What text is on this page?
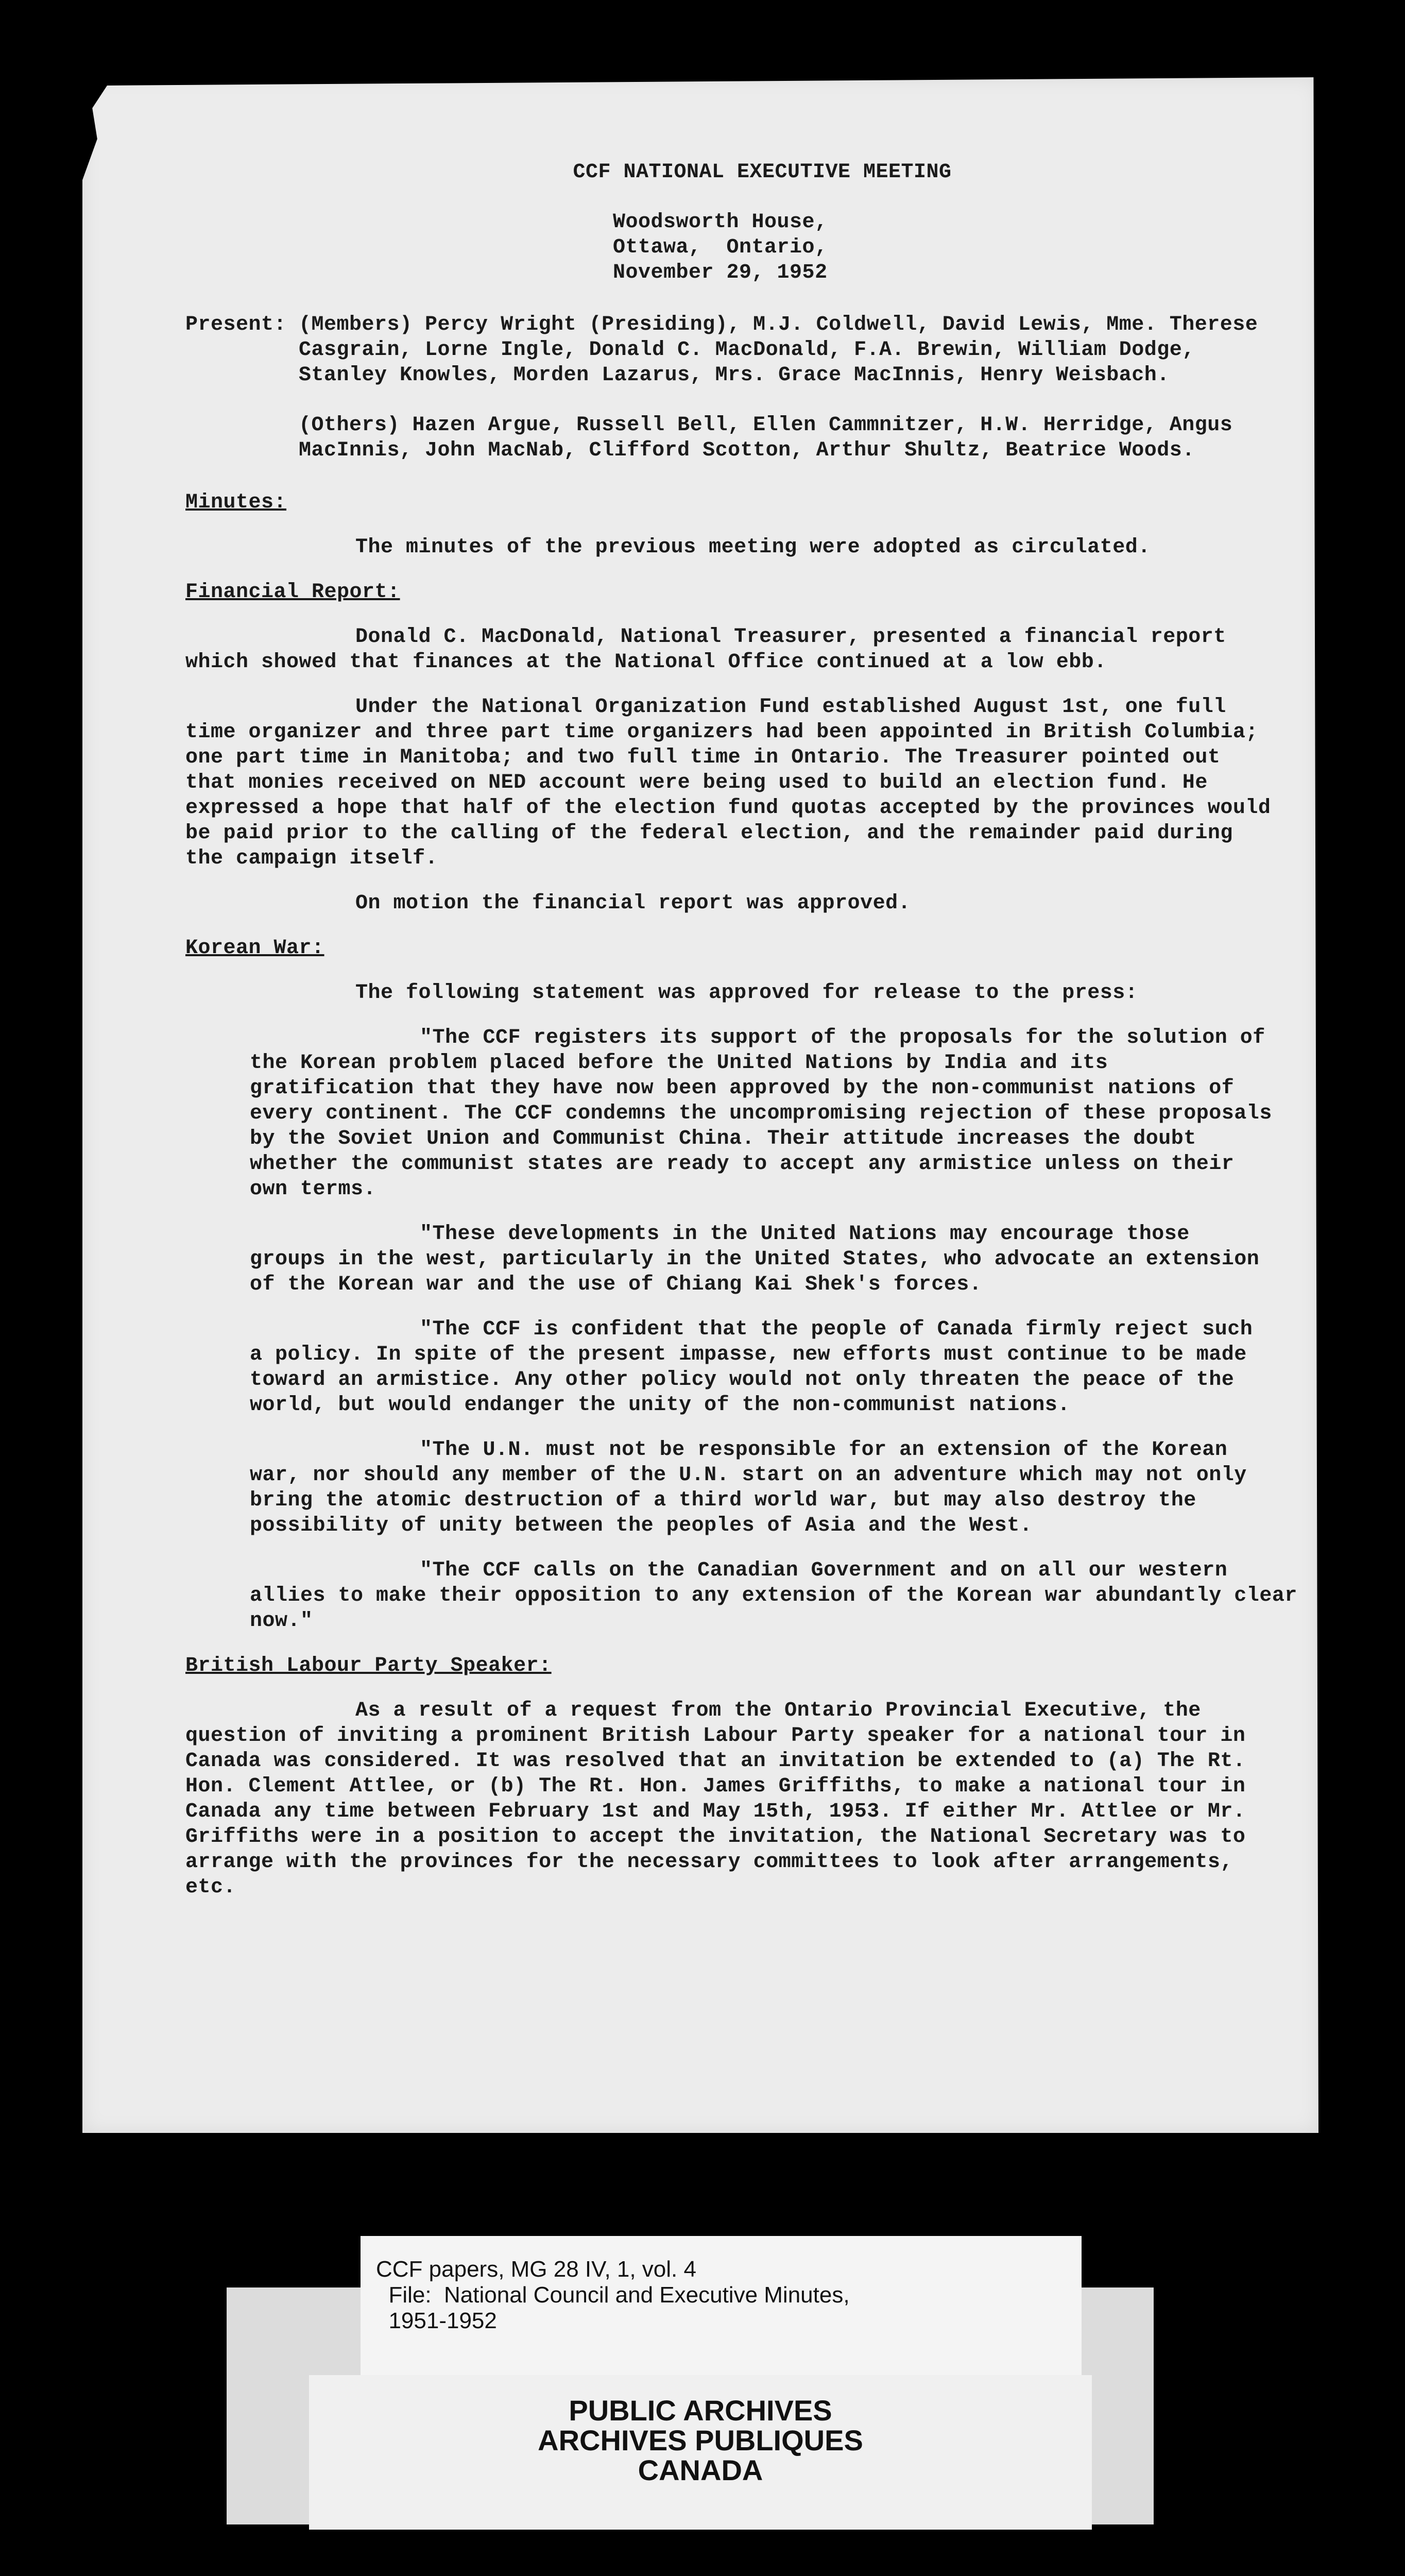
CCF NATIONAL EXECUTIVE MEETING
Woodsworth House,
Ottawa,  Ontario,
November 29, 1952
Present: (Members) Percy Wright (Presiding), M.J. Coldwell, David Lewis, Mme. Therese Casgrain, Lorne Ingle, Donald C. MacDonald, F.A. Brewin, William Dodge, Stanley Knowles, Morden Lazarus, Mrs. Grace MacInnis, Henry Weisbach.
(Others) Hazen Argue, Russell Bell, Ellen Cammnitzer, H.W. Herridge, Angus MacInnis, John MacNab, Clifford Scotton, Arthur Shultz, Beatrice Woods.
Minutes:

The minutes of the previous meeting were adopted as circulated.

Financial Report:

Donald C. MacDonald, National Treasurer, presented a financial report which showed that finances at the National Office continued at a low ebb.

Under the National Organization Fund established August 1st, one full time organizer and three part time organizers had been appointed in British Columbia; one part time in Manitoba; and two full time in Ontario. The Treasurer pointed out that monies received on NED account were being used to build an election fund. He expressed a hope that half of the election fund quotas accepted by the provinces would be paid prior to the calling of the federal election, and the remainder paid during the campaign itself.

On motion the financial report was approved.

Korean War:

The following statement was approved for release to the press:

"The CCF registers its support of the proposals for the solution of the Korean problem placed before the United Nations by India and its gratification that they have now been approved by the non-communist nations of every continent. The CCF condemns the uncompromising rejection of these proposals by the Soviet Union and Communist China. Their attitude increases the doubt whether the communist states are ready to accept any armistice unless on their own terms.

"These developments in the United Nations may encourage those groups in the west, particularly in the United States, who advocate an extension of the Korean war and the use of Chiang Kai Shek's forces.

"The CCF is confident that the people of Canada firmly reject such a policy. In spite of the present impasse, new efforts must continue to be made toward an armistice. Any other policy would not only threaten the peace of the world, but would endanger the unity of the non-communist nations.

"The U.N. must not be responsible for an extension of the Korean war, nor should any member of the U.N. start on an adventure which may not only bring the atomic destruction of a third world war, but may also destroy the possibility of unity between the peoples of Asia and the West.

"The CCF calls on the Canadian Government and on all our western allies to make their opposition to any extension of the Korean war abundantly clear now."

British Labour Party Speaker:

As a result of a request from the Ontario Provincial Executive, the question of inviting a prominent British Labour Party speaker for a national tour in Canada was considered. It was resolved that an invitation be extended to (a) The Rt. Hon. Clement Attlee, or (b) The Rt. Hon. James Griffiths, to make a national tour in Canada any time between February 1st and May 15th, 1953. If either Mr. Attlee or Mr. Griffiths were in a position to accept the invitation, the National Secretary was to arrange with the provinces for the necessary committees to look after arrangements, etc.

CCF papers, MG 28 IV, 1, vol. 4
File:  National Council and Executive Minutes,
1951-1952
PUBLIC ARCHIVES
ARCHIVES PUBLIQUES
CANADA
